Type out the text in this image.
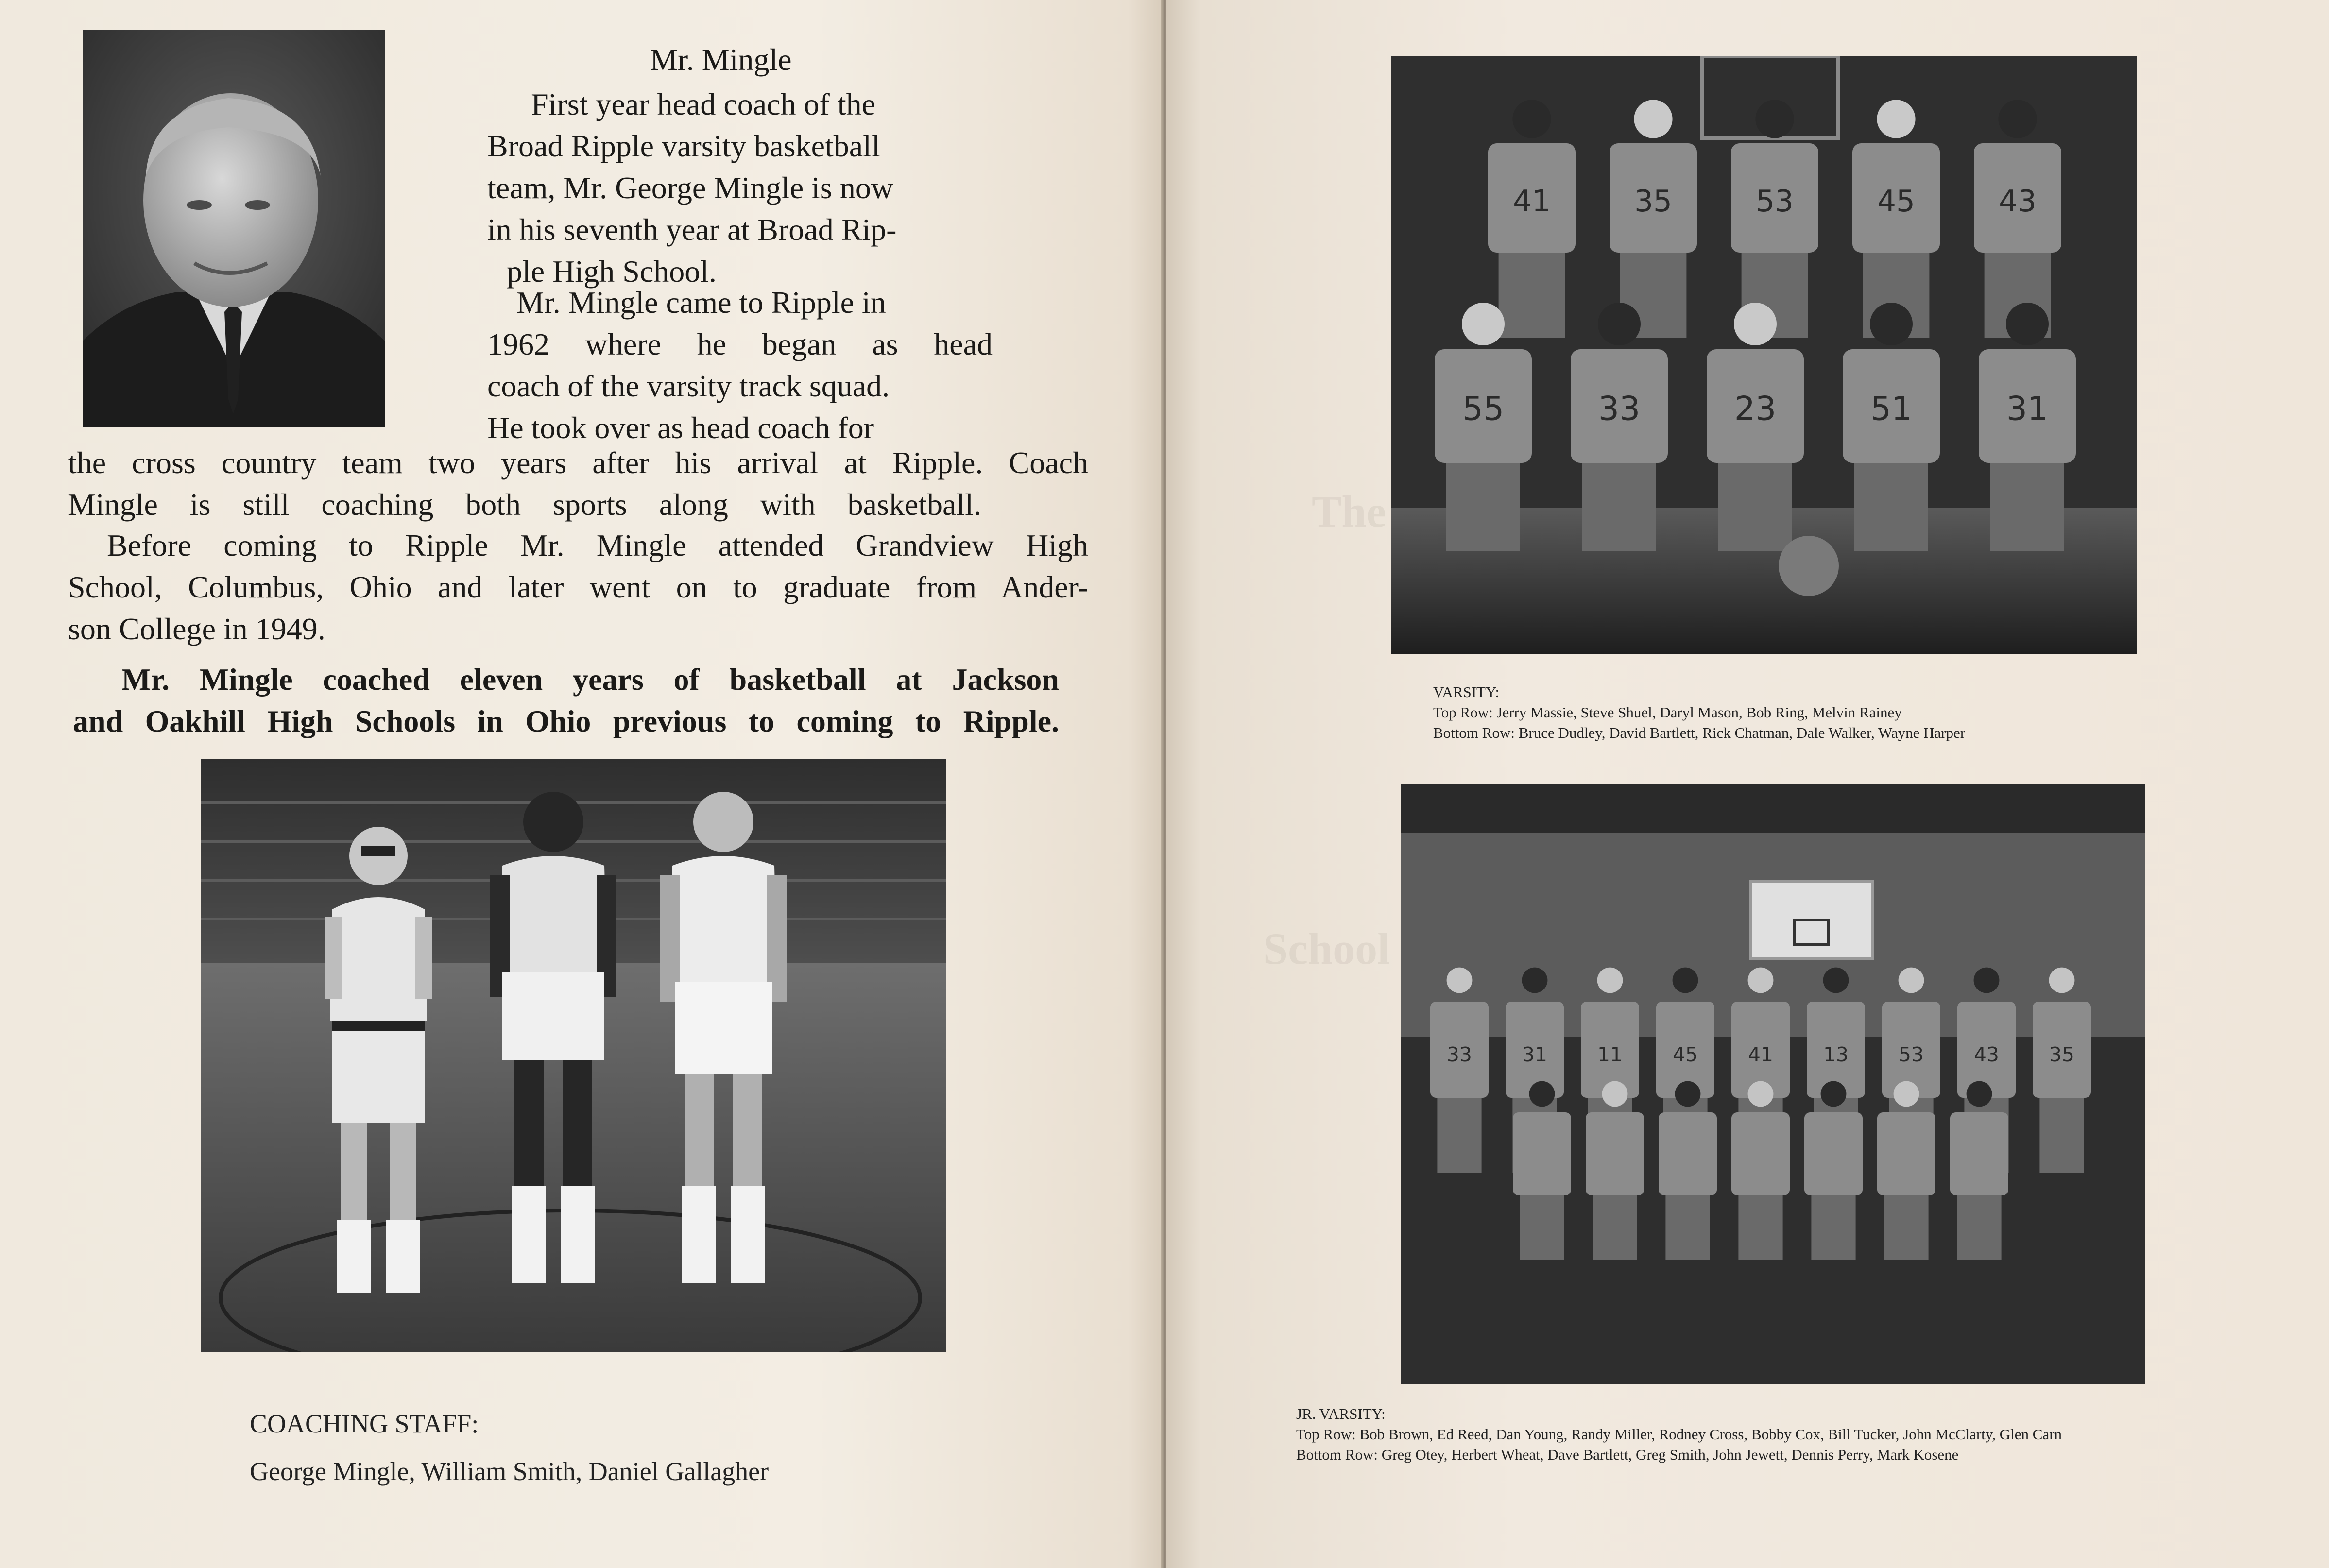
Mr. Mingle
First year head coach of the
Broad Ripple varsity basketball
team, Mr. George Mingle is now
in his seventh year at Broad Rip-
ple High School.
Mr. Mingle came to Ripple in
1962 where he began as head
coach of the varsity track squad.
He took over as head coach for
the cross country team two years after his arrival at Ripple. Coach
Mingle is still coaching both sports along with basketball.
Before coming to Ripple Mr. Mingle attended Grandview High
School, Columbus, Ohio and later went on to graduate from Ander-
son College in 1949.
Mr. Mingle coached eleven years of basketball at Jackson
and Oakhill High Schools in Ohio previous to coming to Ripple.
COACHING STAFF:
George Mingle, William Smith, Daniel Gallagher
The
School
41	35	53	45	43
55	33	23	51	31
VARSITY:
Top Row: Jerry Massie, Steve Shuel, Daryl Mason, Bob Ring, Melvin Rainey
Bottom Row: Bruce Dudley, David Bartlett, Rick Chatman, Dale Walker, Wayne Harper
33	31	11	45	41	13	53	43	35
JR. VARSITY:
Top Row: Bob Brown, Ed Reed, Dan Young, Randy Miller, Rodney Cross, Bobby Cox, Bill Tucker, John McClarty, Glen Carn
Bottom Row: Greg Otey, Herbert Wheat, Dave Bartlett, Greg Smith, John Jewett, Dennis Perry, Mark Kosene
